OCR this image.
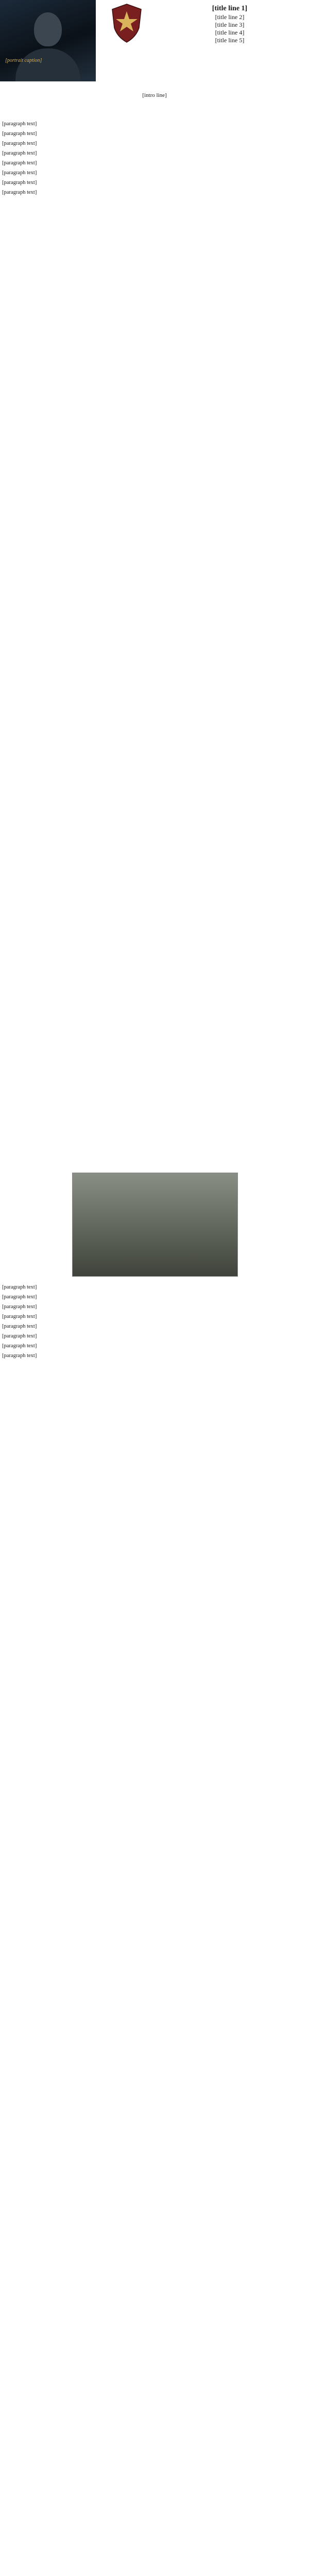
[portrait caption]
[title line 1]
[title line 2]
[title line 3]
[title line 4]
[title line 5]
[intro line]

[paragraph text]

[paragraph text]

[paragraph text]

[paragraph text]

[paragraph text]

[paragraph text]

[paragraph text]

[paragraph text]

[paragraph text]

[paragraph text]

[paragraph text]

[paragraph text]

[paragraph text]

[paragraph text]

[paragraph text]

[paragraph text]
